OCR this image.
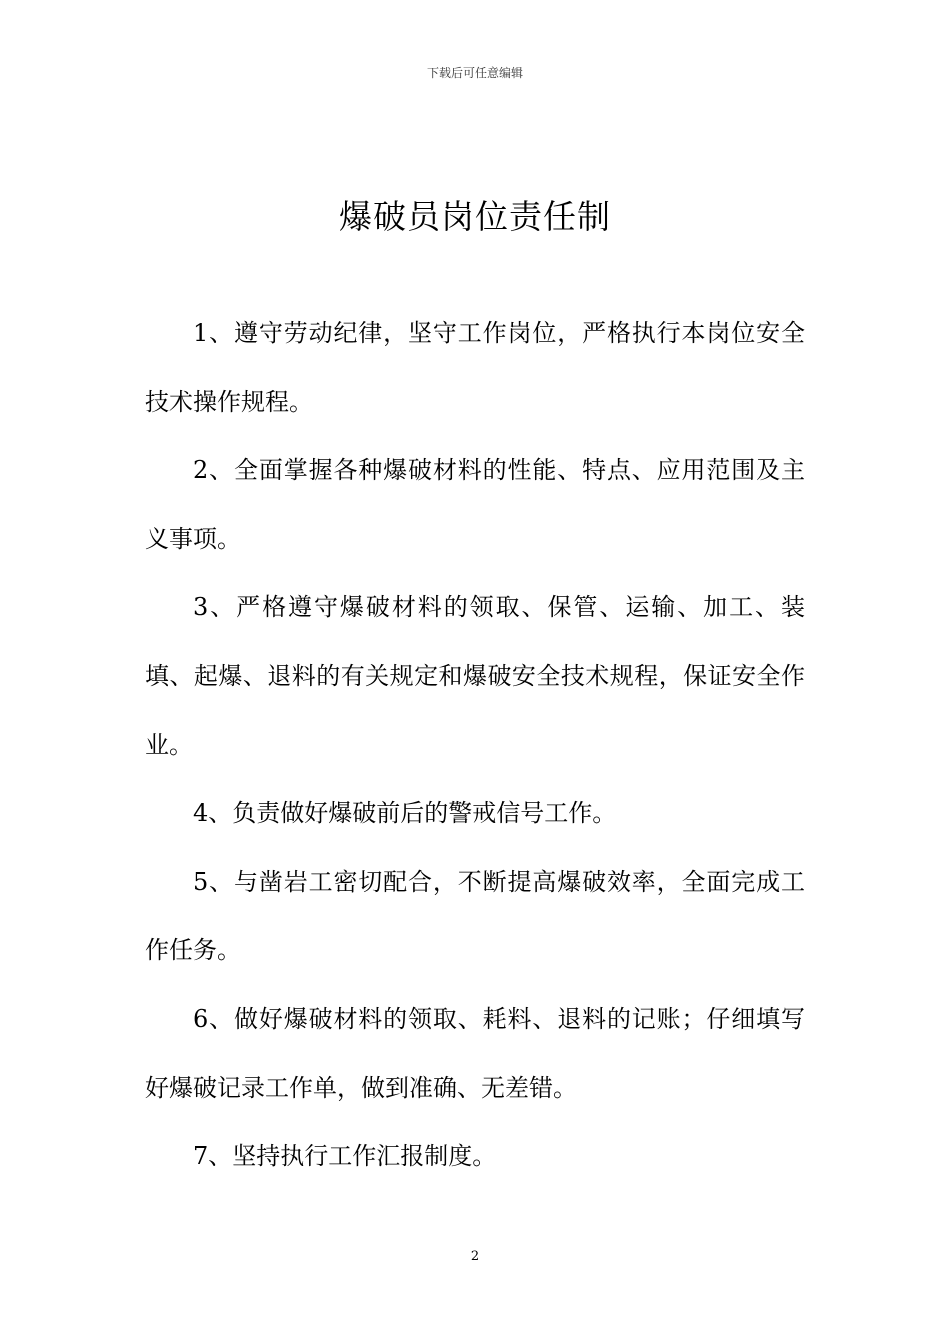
下载后可任意编辑
爆破员岗位责任制

1、遵守劳动纪律，坚守工作岗位，严格执行本岗位安全技术操作规程。

2、全面掌握各种爆破材料的性能、特点、应用范围及主义事项。

3、严格遵守爆破材料的领取、保管、运输、加工、装填、起爆、退料的有关规定和爆破安全技术规程，保证安全作业。

4、负责做好爆破前后的警戒信号工作。

5、与凿岩工密切配合，不断提高爆破效率，全面完成工作任务。

6、做好爆破材料的领取、耗料、退料的记账；仔细填写好爆破记录工作单，做到准确、无差错。

7、坚持执行工作汇报制度。

2
